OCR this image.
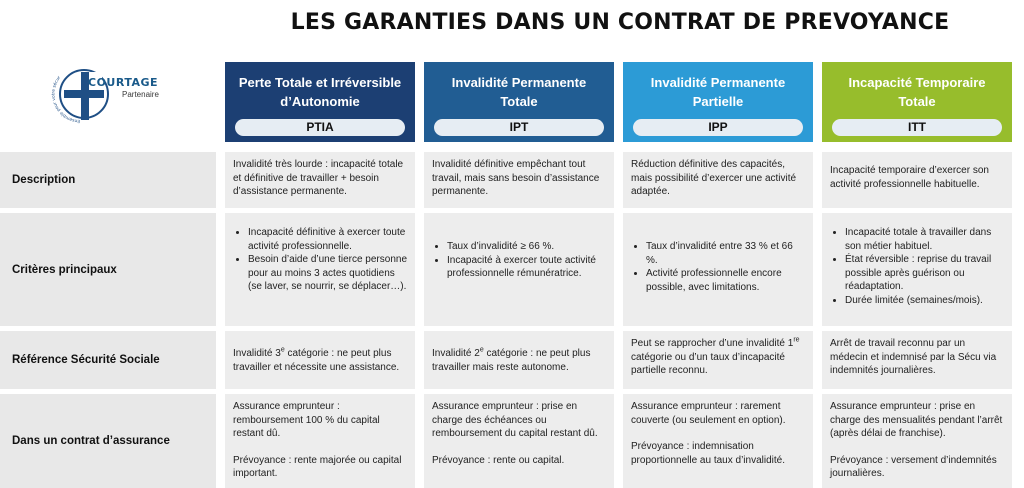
LES GARANTIES DANS UN CONTRAT DE PREVOYANCE
Ensemble pour votre sécur	COURTAGE
Partenaire
Perte Totale et Irréversible
d’Autonomie
PTIA
Invalidité Permanente
Totale
IPT
Invalidité Permanente
Partielle
IPP
Incapacité Temporaire
Totale
ITT
Description
Invalidité très lourde : incapacité totale et définitive de travailler + besoin d’assistance permanente.
Invalidité définitive empêchant tout travail, mais sans besoin d’assistance permanente.
Réduction définitive des capacités, mais possibilité d’exercer une activité adaptée.
Incapacité temporaire d’exercer son activité professionnelle habituelle.
Critères principaux
• Incapacité définitive à exercer toute activité professionnelle.
• Besoin d’aide d’une tierce personne pour au moins 3 actes quotidiens (se laver, se nourrir, se déplacer…).
• Taux d’invalidité ≥ 66 %.
• Incapacité à exercer toute activité professionnelle rémunératrice.
• Taux d’invalidité entre 33 % et 66 %.
• Activité professionnelle encore possible, avec limitations.
• Incapacité totale à travailler dans son métier habituel.
• État réversible : reprise du travail possible après guérison ou réadaptation.
• Durée limitée (semaines/mois).
Référence Sécurité Sociale
Invalidité 3e catégorie : ne peut plus travailler et nécessite une assistance.
Invalidité 2e catégorie : ne peut plus travailler mais reste autonome.
Peut se rapprocher d’une invalidité 1re catégorie ou d’un taux d’incapacité partielle reconnu.
Arrêt de travail reconnu par un médecin et indemnisé par la Sécu via indemnités journalières.
Dans un contrat d’assurance

Assurance emprunteur : remboursement 100 % du capital restant dû.

Prévoyance : rente majorée ou capital important.

Assurance emprunteur : prise en charge des échéances ou remboursement du capital restant dû.

Prévoyance : rente ou capital.

Assurance emprunteur : rarement couverte (ou seulement en option).

Prévoyance : indemnisation proportionnelle au taux d’invalidité.

Assurance emprunteur : prise en charge des mensualités pendant l’arrêt (après délai de franchise).

Prévoyance : versement d’indemnités journalières.
